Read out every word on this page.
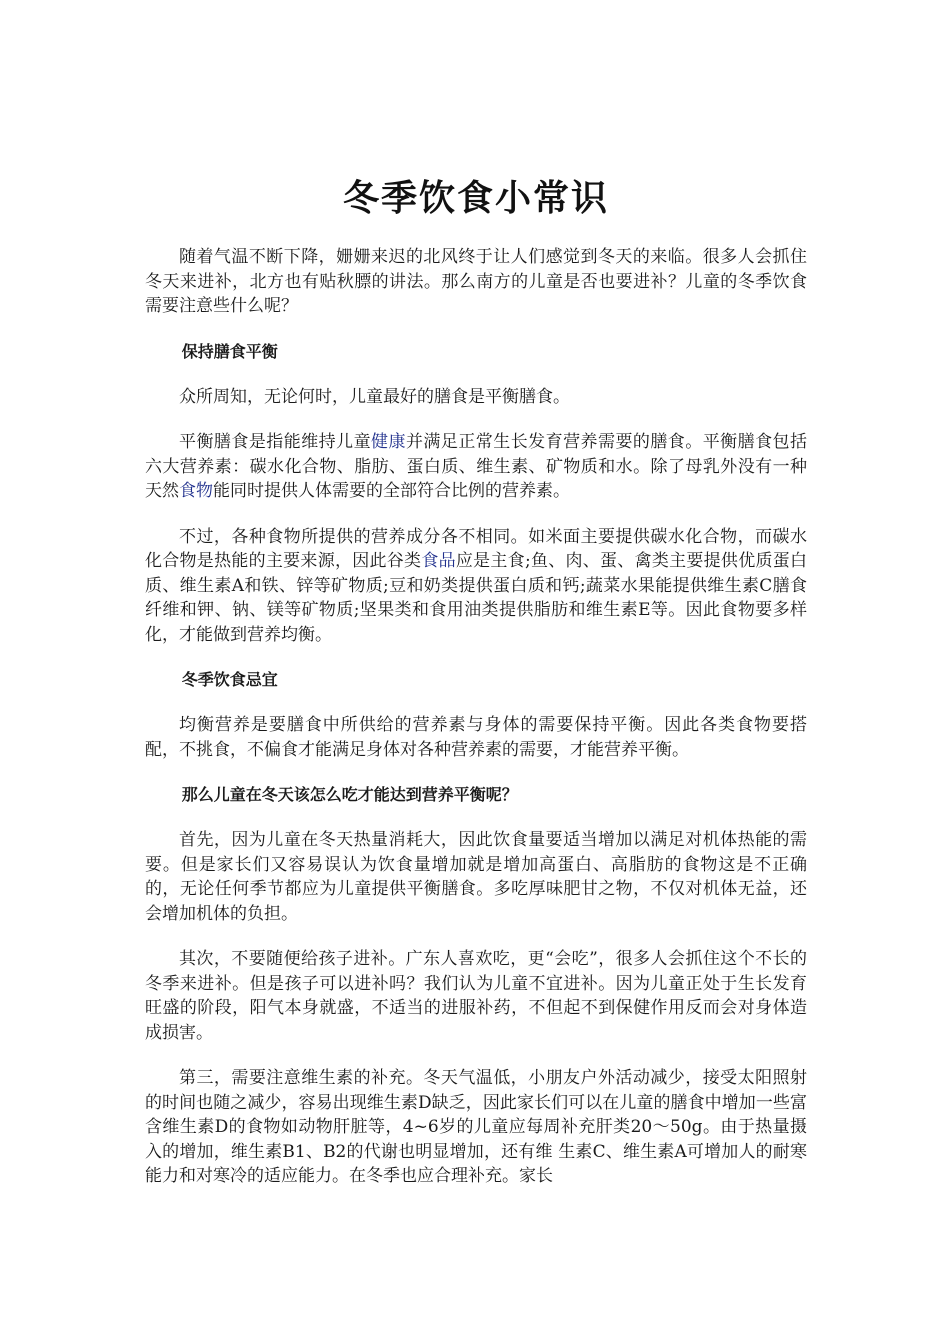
冬季饮食小常识

随着气温不断下降，姗姗来迟的北风终于让人们感觉到冬天的来临。很多人会抓住冬天来进补，北方也有贴秋膘的讲法。那么南方的儿童是否也要进补？儿童的冬季饮食需要注意些什么呢？

保持膳食平衡

众所周知，无论何时，儿童最好的膳食是平衡膳食。

平衡膳食是指能维持儿童健康并满足正常生长发育营养需要的膳食。平衡膳食包括六大营养素：碳水化合物、脂肪、蛋白质、维生素、矿物质和水。除了母乳外没有一种天然食物能同时提供人体需要的全部符合比例的营养素。

不过，各种食物所提供的营养成分各不相同。如米面主要提供碳水化合物，而碳水化合物是热能的主要来源，因此谷类食品应是主食;鱼、肉、蛋、禽类主要提供优质蛋白质、维生素A和铁、锌等矿物质;豆和奶类提供蛋白质和钙;蔬菜水果能提供维生素C膳食纤维和钾、钠、镁等矿物质;坚果类和食用油类提供脂肪和维生素E等。因此食物要多样化，才能做到营养均衡。

冬季饮食忌宜

均衡营养是要膳食中所供给的营养素与身体的需要保持平衡。因此各类食物要搭配，不挑食，不偏食才能满足身体对各种营养素的需要，才能营养平衡。

那么儿童在冬天该怎么吃才能达到营养平衡呢？

首先，因为儿童在冬天热量消耗大，因此饮食量要适当增加以满足对机体热能的需要。但是家长们又容易误认为饮食量增加就是增加高蛋白、高脂肪的食物这是不正确的，无论任何季节都应为儿童提供平衡膳食。多吃厚味肥甘之物，不仅对机体无益，还会增加机体的负担。

其次，不要随便给孩子进补。广东人喜欢吃，更“会吃”，很多人会抓住这个不长的冬季来进补。但是孩子可以进补吗？我们认为儿童不宜进补。因为儿童正处于生长发育旺盛的阶段，阳气本身就盛，不适当的进服补药，不但起不到保健作用反而会对身体造成损害。

第三，需要注意维生素的补充。冬天气温低，小朋友户外活动减少，接受太阳照射的时间也随之减少，容易出现维生素D缺乏，因此家长们可以在儿童的膳食中增加一些富含维生素D的食物如动物肝脏等，4~6岁的儿童应每周补充肝类20～50g。由于热量摄入的增加，维生素B1、B2的代谢也明显增加，还有维 生素C、维生素A可增加人的耐寒能力和对寒冷的适应能力。在冬季也应合理补充。家长
